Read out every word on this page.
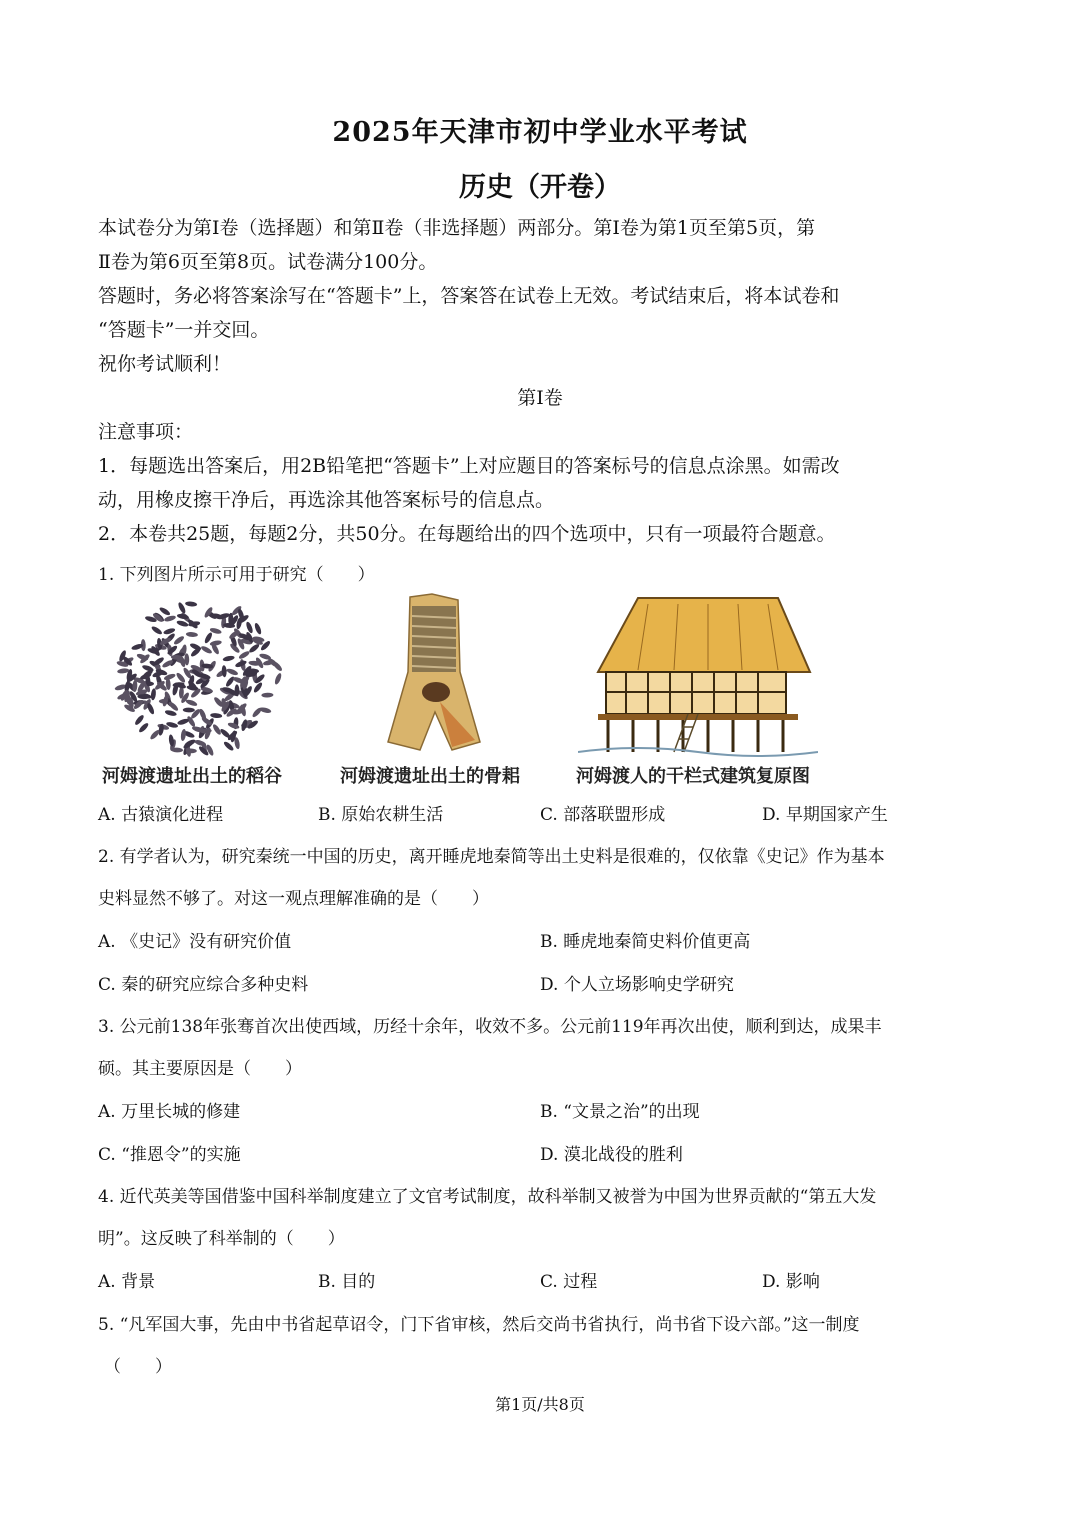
2025年天津市初中学业水平考试
历史（开卷）
本试卷分为第Ⅰ卷（选择题）和第Ⅱ卷（非选择题）两部分。第Ⅰ卷为第1页至第5页，第
Ⅱ卷为第6页至第8页。试卷满分100分。
答题时，务必将答案涂写在“答题卡”上，答案答在试卷上无效。考试结束后，将本试卷和
“答题卡”一并交回。
祝你考试顺利！
第Ⅰ卷
注意事项：
1．每题选出答案后，用2B铅笔把“答题卡”上对应题目的答案标号的信息点涂黑。如需改
动，用橡皮擦干净后，再选涂其他答案标号的信息点。
2．本卷共25题，每题2分，共50分。在每题给出的四个选项中，只有一项最符合题意。
1. 下列图片所示可用于研究（　　）
河姆渡遗址出土的稻谷	河姆渡遗址出土的骨耜	河姆渡人的干栏式建筑复原图
A. 古猿演化进程	B. 原始农耕生活	C. 部落联盟形成	D. 早期国家产生
2. 有学者认为，研究秦统一中国的历史，离开睡虎地秦简等出土史料是很难的，仅依靠《史记》作为基本
史料显然不够了。对这一观点理解准确的是（　　）
A. 《史记》没有研究价值	B. 睡虎地秦简史料价值更高
C. 秦的研究应综合多种史料	D. 个人立场影响史学研究
3. 公元前138年张骞首次出使西域，历经十余年，收效不多。公元前119年再次出使，顺利到达，成果丰
硕。其主要原因是（　　）
A. 万里长城的修建	B. “文景之治”的出现
C. “推恩令”的实施	D. 漠北战役的胜利
4. 近代英美等国借鉴中国科举制度建立了文官考试制度，故科举制又被誉为中国为世界贡献的“第五大发
明”。这反映了科举制的（　　）
A. 背景	B. 目的	C. 过程	D. 影响
5. “凡军国大事，先由中书省起草诏令，门下省审核，然后交尚书省执行，尚书省下设六部。”这一制度
（　　）
第1页/共8页
